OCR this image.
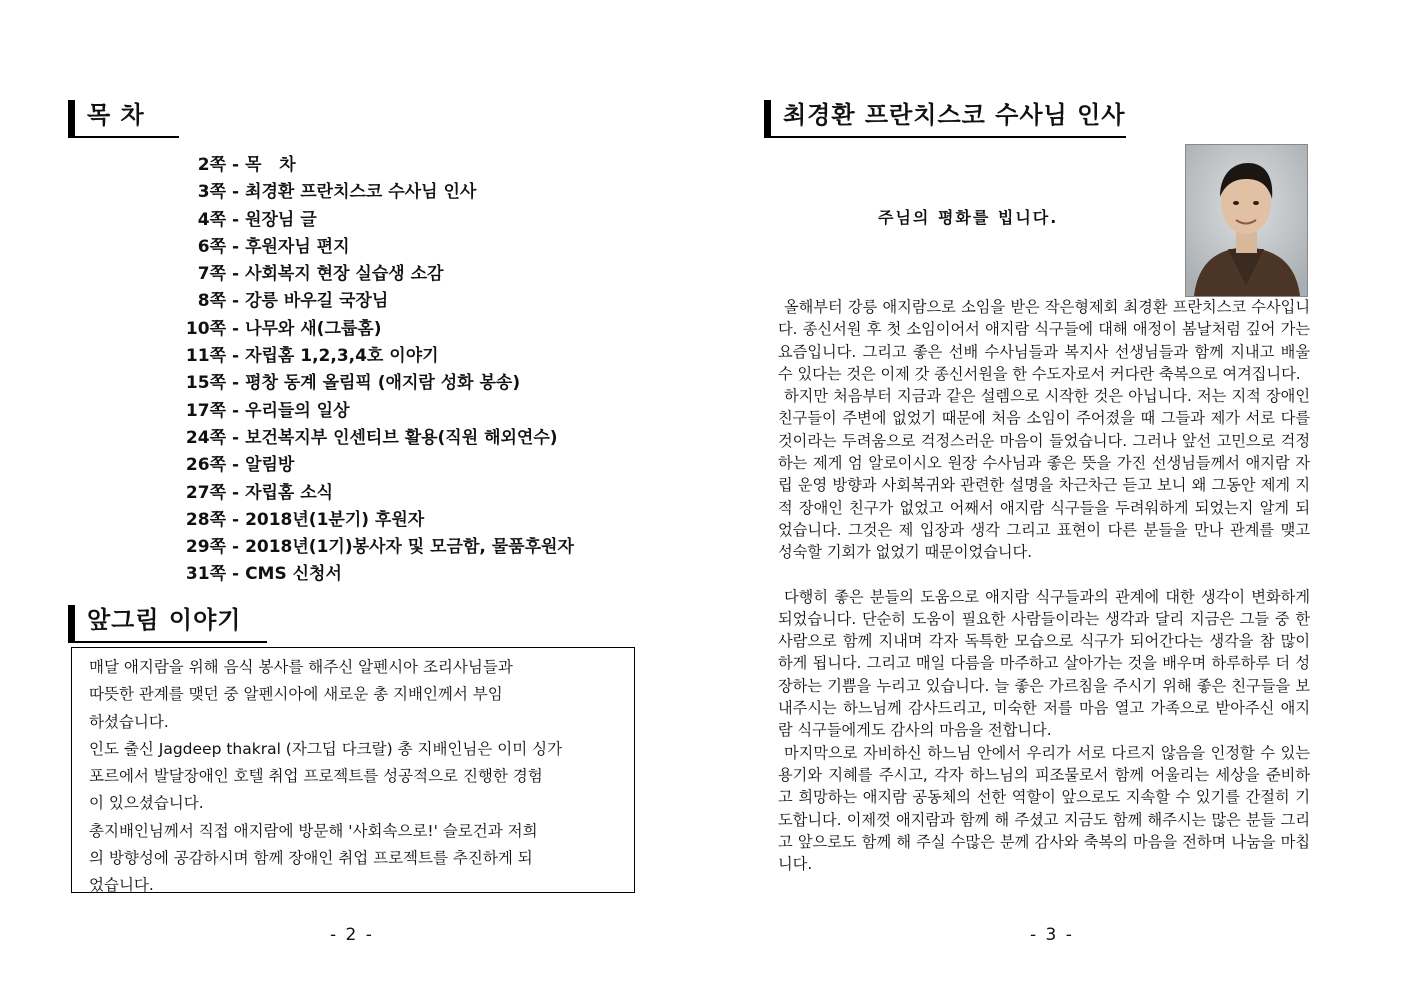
목 차
2쪽 - 목   차
3쪽 - 최경환 프란치스코 수사님 인사
4쪽 - 원장님 글
6쪽 - 후원자님 편지
7쪽 - 사회복지 현장 실습생 소감
8쪽 - 강릉 바우길 국장님
10쪽 - 나무와 새(그룹홈)
11쪽 - 자립홈 1,2,3,4호 이야기
15쪽 - 평창 동계 올림픽 (애지람 성화 봉송)
17쪽 - 우리들의 일상
24쪽 - 보건복지부 인센티브 활용(직원 해외연수)
26쪽 - 알림방
27쪽 - 자립홈 소식
28쪽 - 2018년(1분기) 후원자
29쪽 - 2018년(1기)봉사자 및 모금함, 물품후원자
31쪽 - CMS 신청서
앞그림 이야기

매달 애지람을 위해 음식 봉사를 해주신 알펜시아 조리사님들과

따뜻한 관계를 맺던 중 알펜시아에 새로운 총 지배인께서 부임

하셨습니다.

인도 출신 Jagdeep thakral (자그딥 다크랄) 총 지배인님은 이미 싱가

포르에서 발달장애인 호텔 취업 프로젝트를 성공적으로 진행한 경험

이 있으셨습니다.

총지배인님께서 직접 애지람에 방문해 '사회속으로!' 슬로건과 저희

의 방향성에 공감하시며 함께 장애인 취업 프로젝트를 추진하게 되

었습니다.

- 2 -
최경환 프란치스코 수사님 인사
주님의 평화를 빕니다.

올해부터 강릉 애지람으로 소임을 받은 작은형제회 최경환 프란치스코 수사입니다. 종신서원 후 첫 소임이어서 애지람 식구들에 대해 애정이 봄날처럼 깊어 가는 요즘입니다. 그리고 좋은 선배 수사님들과 복지사 선생님들과 함께 지내고 배울 수 있다는 것은 이제 갓 종신서원을 한 수도자로서 커다란 축복으로 여겨집니다.

하지만 처음부터 지금과 같은 설렘으로 시작한 것은 아닙니다. 저는 지적 장애인 친구들이 주변에 없었기 때문에 처음 소임이 주어졌을 때 그들과 제가 서로 다를 것이라는 두려움으로 걱정스러운 마음이 들었습니다. 그러나 앞선 고민으로 걱정하는 제게 엄 알로이시오 원장 수사님과 좋은 뜻을 가진 선생님들께서 애지람 자립 운영 방향과 사회복귀와 관련한 설명을 차근차근 듣고 보니 왜 그동안 제게 지적 장애인 친구가 없었고 어째서 애지람 식구들을 두려워하게 되었는지 알게 되었습니다. 그것은 제 입장과 생각 그리고 표현이 다른 분들을 만나 관계를 맺고 성숙할 기회가 없었기 때문이었습니다.

다행히 좋은 분들의 도움으로 애지람 식구들과의 관계에 대한 생각이 변화하게 되었습니다. 단순히 도움이 필요한 사람들이라는 생각과 달리 지금은 그들 중 한 사람으로 함께 지내며 각자 독특한 모습으로 식구가 되어간다는 생각을 참 많이 하게 됩니다. 그리고 매일 다름을 마주하고 살아가는 것을 배우며 하루하루 더 성장하는 기쁨을 누리고 있습니다. 늘 좋은 가르침을 주시기 위해 좋은 친구들을 보내주시는 하느님께 감사드리고, 미숙한 저를 마음 열고 가족으로 받아주신 애지람 식구들에게도 감사의 마음을 전합니다.

마지막으로 자비하신 하느님 안에서 우리가 서로 다르지 않음을 인정할 수 있는 용기와 지혜를 주시고, 각자 하느님의 피조물로서 함께 어울리는 세상을 준비하고 희망하는 애지람 공동체의 선한 역할이 앞으로도 지속할 수 있기를 간절히 기도합니다. 이제껏 애지람과 함께 해 주셨고 지금도 함께 해주시는 많은 분들 그리고 앞으로도 함께 해 주실 수많은 분께 감사와 축복의 마음을 전하며 나눔을 마칩니다.

- 3 -
